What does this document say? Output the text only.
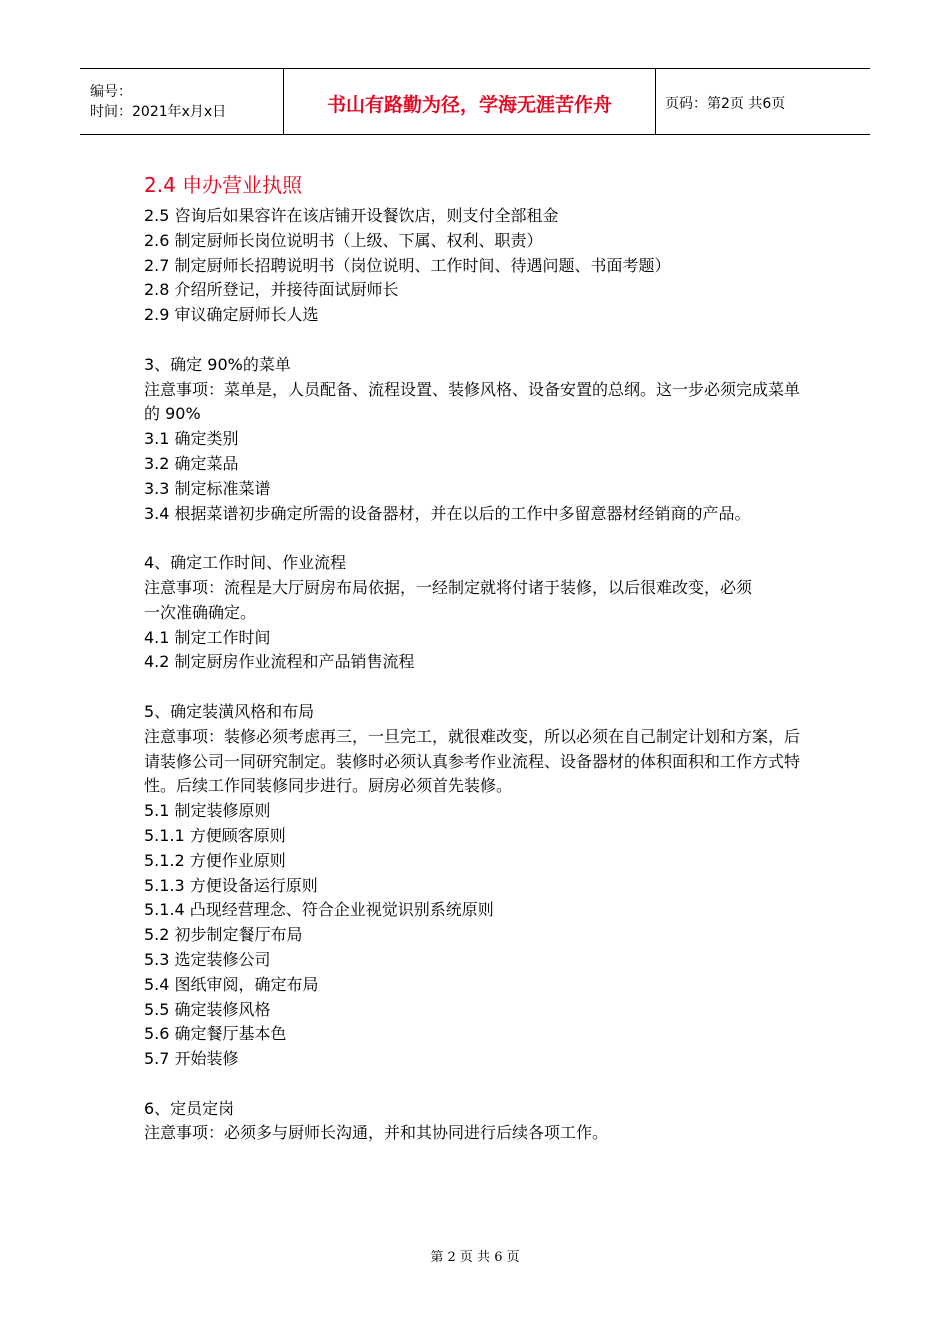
编号：
时间：2021年x月x日	书山有路勤为径，学海无涯苦作舟	页码：第2页 共6页
2.4 申办营业执照
2.5 咨询后如果容许在该店铺开设餐饮店，则支付全部租金
2.6 制定厨师长岗位说明书（上级、下属、权利、职责）
2.7 制定厨师长招聘说明书（岗位说明、工作时间、待遇问题、书面考题）
2.8 介绍所登记，并接待面试厨师长
2.9 审议确定厨师长人选
3、确定 90%的菜单
注意事项：菜单是，人员配备、流程设置、装修风格、设备安置的总纲。这一步必须完成菜单的 90%
3.1 确定类别
3.2 确定菜品
3.3 制定标准菜谱
3.4 根据菜谱初步确定所需的设备器材，并在以后的工作中多留意器材经销商的产品。
4、确定工作时间、作业流程
注意事项：流程是大厅厨房布局依据，一经制定就将付诸于装修，以后很难改变，必须
一次准确确定。
4.1 制定工作时间
4.2 制定厨房作业流程和产品销售流程
5、确定装潢风格和布局
注意事项：装修必须考虑再三，一旦完工，就很难改变，所以必须在自己制定计划和方案，后请装修公司一同研究制定。装修时必须认真参考作业流程、设备器材的体积面积和工作方式特性。后续工作同装修同步进行。厨房必须首先装修。
5.1 制定装修原则
5.1.1 方便顾客原则
5.1.2 方便作业原则
5.1.3 方便设备运行原则
5.1.4 凸现经营理念、符合企业视觉识别系统原则
5.2 初步制定餐厅布局
5.3 选定装修公司
5.4 图纸审阅，确定布局
5.5 确定装修风格
5.6 确定餐厅基本色
5.7 开始装修
6、定员定岗
注意事项：必须多与厨师长沟通，并和其协同进行后续各项工作。
第 2 页 共 6 页
